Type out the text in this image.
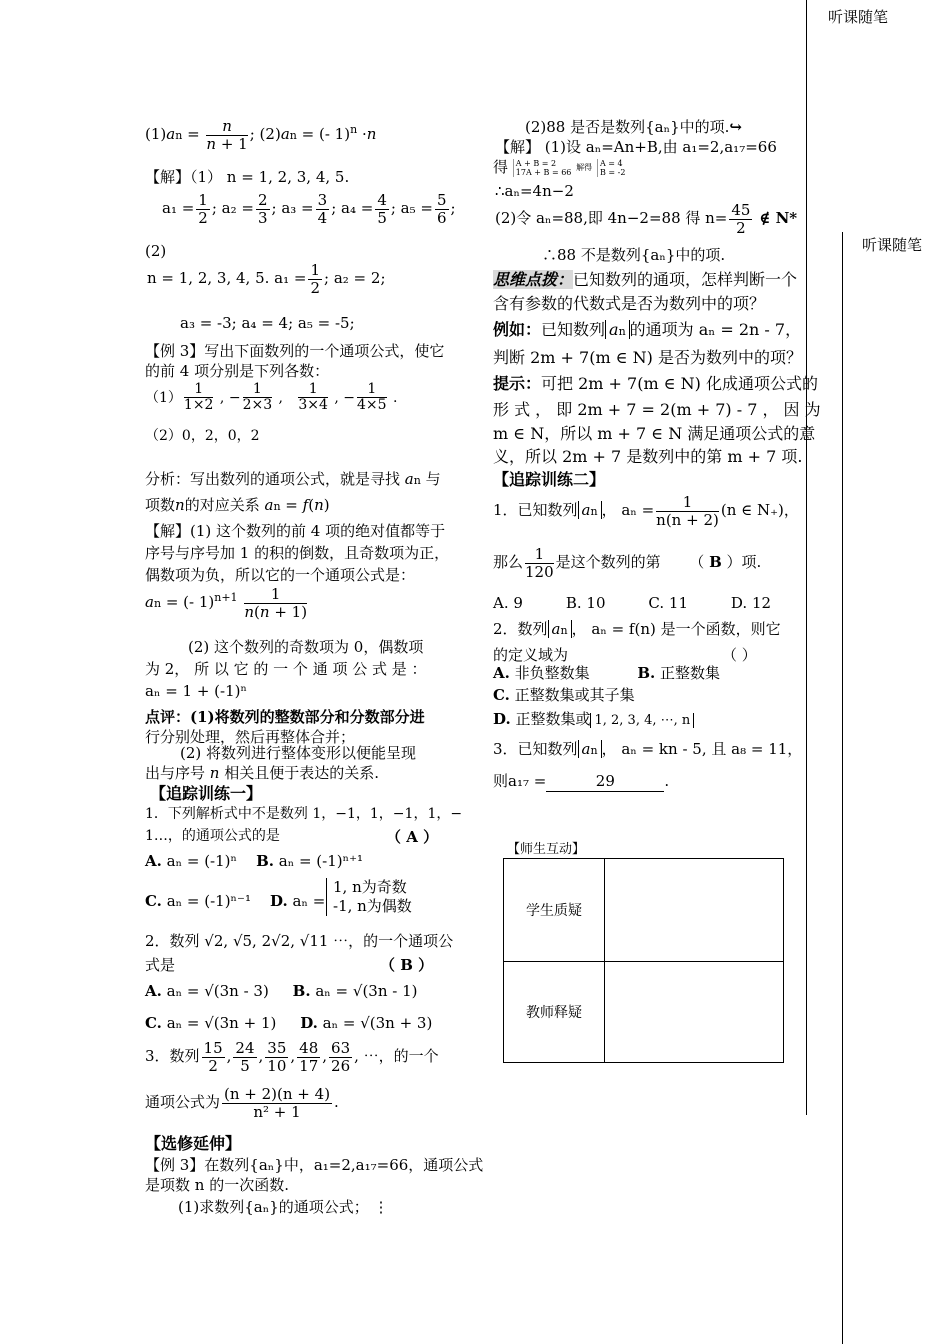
听课随笔
听课随笔
$(1)an = \frac{n}{n + 1}$ ; (2)an = (- 1)$^n$ ·n
【解】（1） n = 1, 2, 3, 4, 5.
$a_1 = \frac{1}{2}$ ; $a_2 = \frac{2}{3}$ ; $a_3 = \frac{3}{4}$ ; $a_4 = \frac{4}{5}$ ; $a_5 = \frac{5}{6}$ ;
(2)
n = 1, 2, 3, 4, 5. $a_1 = \frac{1}{2}$ ; a₂ = 2;
a₃ = -3; a₄ = 4; a₅ = -5;
【例 3】写出下面数列的一个通项公式，使它
的前 4 项分别是下列各数：
$(1) \frac{1}{1\times 2}$ , − $\frac{1}{2\times 3}$ , $\frac{1}{3\times 4}$ , − $\frac{1}{4\times 5}$ .
（2）0，2，0，2
分析：写出数列的通项公式，就是寻找 an 与
项数n的对应关系 an = f(n)
【解】(1) 这个数列的前 4 项的绝对值都等于
序号与序号加 1 的积的倒数，且奇数项为正，
偶数项为负，所以它的一个通项公式是：
an = (- $1)^{n+1} \frac{1}{n(n + 1)}$
(2) 这个数列的奇数项为 0，偶数项
为 2， 所 以 它 的 一 个 通 项 公 式 是 ：
aₙ = 1 + (-1)ⁿ
点评：(1)将数列的整数部分和分数部分进
行分别处理，然后再整体合并；
(2) 将数列进行整体变形以便能呈现
出与序号 n 相关且便于表达的关系.
【追踪训练一】
1．下列解析式中不是数列 1，−1，1，−1，1，−
1…，的通项公式的是	（ A ）
A. aₙ = (-1)ⁿ B. aₙ = (-1)ⁿ⁺¹
C. aₙ = (-1)ⁿ⁻¹ D. aₙ =
1, n为奇数
-1, n为偶数
2．数列 √2, √5, 2√2, √11 ⋯，的一个通项公
式是	（ B ）
A. aₙ = √(3n - 3) B. aₙ = √(3n - 1)
C. aₙ = √(3n + 1) D. aₙ = √(3n + 3)
3．数列 $\frac{15}{2}$ , $\frac{24}{5}$ , $\frac{35}{10}$ , $\frac{48}{17}$ , $\frac{63}{26}$ , ⋯，的一个
通项公式为 $\frac{(n + 2)(n + 4)}{\text{n² + 1}}$ .
【选修延伸】
【例 3】在数列{aₙ}中，a₁=2,a₁₇=66，通项公式
是项数 n 的一次函数.
(1)求数列{aₙ}的通项公式； ⋮
(2)88 是否是数列{aₙ}中的项.↪
【解】 (1)设 aₙ=An+B,由 a₁=2,a₁₇=66
得 A + B = 2
17A + B = 66
解得 A = 4
B = -2
∴aₙ=4n−2
(2)令 aₙ=88,即 4n−2=88 得 $n= \frac{45}{2}$ ∉ N*
∴88 不是数列{aₙ}中的项.
思维点拨：已知数列的通项，怎样判断一个
含有参数的代数式是否为数列中的项？
例如：已知数列 an 的通项为 aₙ = 2n - 7，
判断 2m + 7(m ∈ N) 是否为数列中的项？
提示：可把 2m + 7(m ∈ N) 化成通项公式的
形 式 ， 即 2m + 7 = 2(m + 7) - 7 ， 因 为
m ∈ N，所以 m + 7 ∈ N 满足通项公式的意
义，所以 2m + 7 是数列中的第 m + 7 项.
【追踪训练二】
1．已知数列 an ， $a_n = \frac{1}{n(n + 2)} (n$ ∈ N₊)，
那么 $\frac{1}{120}$ 是这个数列的第 （ B ）项.
A. 9	B. 10	C. 11	D. 12
2．数列 an ， aₙ = f(n) 是一个函数，则它
的定义域为	（ ）
A. 非负整数集	B. 正整数集
C. 正整数集或其子集
D. 正整数集或 1, 2, 3, 4, ⋯, n
3．已知数列 an ， aₙ = kn - 5, 且 a₈ = 11，
则a₁₇ =	29	.
【师生互动】
学生质疑	
教师释疑	
